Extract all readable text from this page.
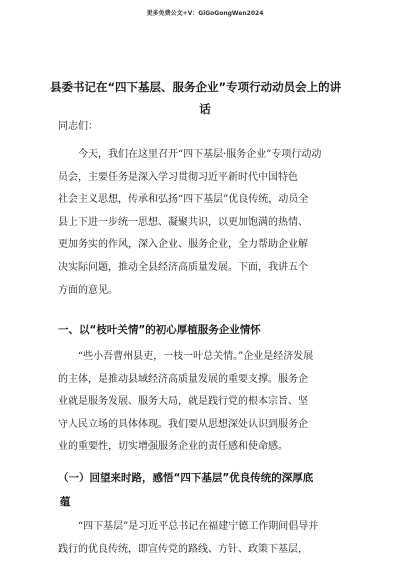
更多免费公文+V：GiGoGongWen2024
县委书记在“四下基层、服务企业”专项行动动员会上的讲
话
同志们：
今天，我们在这里召开“四下基层·服务企业”专项行动动
员会，主要任务是深入学习贯彻习近平新时代中国特色
社会主义思想，传承和弘扬“四下基层”优良传统，动员全
县上下进一步统一思想、凝聚共识，以更加饱满的热情、
更加务实的作风，深入企业、服务企业，全力帮助企业解
决实际问题，推动全县经济高质量发展。下面，我讲五个
方面的意见。
一、以“枝叶关情”的初心厚植服务企业情怀
“些小吾曹州县吏，一枝一叶总关情。”企业是经济发展
的主体，是推动县域经济高质量发展的重要支撑。服务企
业就是服务发展、服务大局，就是践行党的根本宗旨、坚
守人民立场的具体体现。我们要从思想深处认识到服务企
业的重要性，切实增强服务企业的责任感和使命感。
（一）回望来时路，感悟“四下基层”优良传统的深厚底
蕴
“四下基层”是习近平总书记在福建宁德工作期间倡导并
践行的优良传统，即宣传党的路线、方针、政策下基层，
